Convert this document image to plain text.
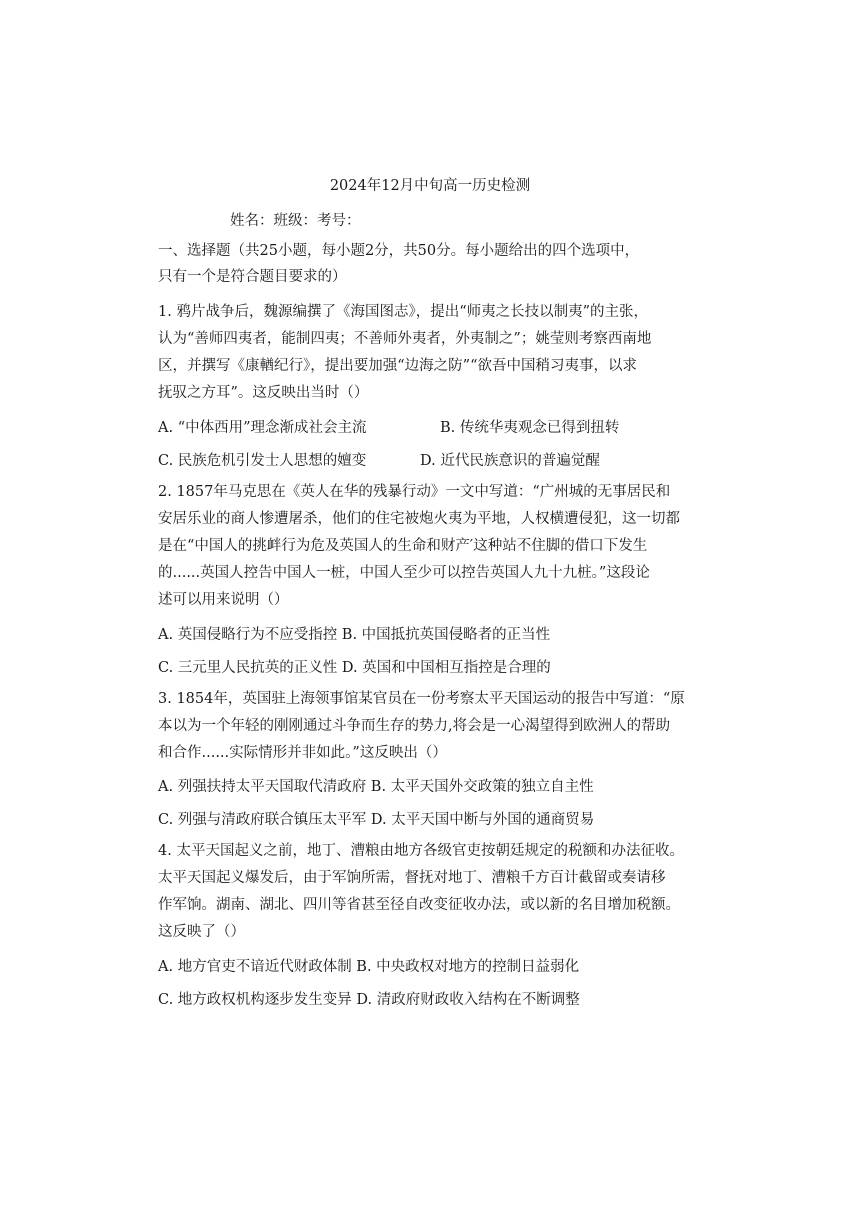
2024年12月中旬高一历史检测
姓名：班级：考号：
一、选择题（共25小题，每小题2分，共50分。每小题给出的四个选项中，
只有一个是符合题目要求的）
1. 鸦片战争后，魏源编撰了《海国图志》，提出“师夷之长技以制夷”的主张，
认为“善师四夷者，能制四夷；不善师外夷者，外夷制之”；姚莹则考察西南地
区，并撰写《康輶纪行》，提出要加强“边海之防”“欲吾中国稍习夷事，以求
抚驭之方耳”。这反映出当时（）
A. “中体西用”理念渐成社会主流	B. 传统华夷观念已得到扭转
C. 民族危机引发士人思想的嬗变	D. 近代民族意识的普遍觉醒
2. 1857年马克思在《英人在华的残暴行动》一文中写道：“广州城的无事居民和
安居乐业的商人惨遭屠杀，他们的住宅被炮火夷为平地，人权横遭侵犯，这一切都
是在“中国人的挑衅行为危及英国人的生命和财产′这种站不住脚的借口下发生
的......英国人控告中国人一桩，中国人至少可以控告英国人九十九桩。”这段论
述可以用来说明（）
A. 英国侵略行为不应受指控 B. 中国抵抗英国侵略者的正当性
C. 三元里人民抗英的正义性 D. 英国和中国相互指控是合理的
3. 1854年，英国驻上海领事馆某官员在一份考察太平天国运动的报告中写道：“原
本以为一个年轻的刚刚通过斗争而生存的势力,将会是一心渴望得到欧洲人的帮助
和合作......实际情形并非如此。”这反映出（）
A. 列强扶持太平天国取代清政府 B. 太平天国外交政策的独立自主性
C. 列强与清政府联合镇压太平军 D. 太平天国中断与外国的通商贸易
4. 太平天国起义之前，地丁、漕粮由地方各级官吏按朝廷规定的税额和办法征收。
太平天国起义爆发后，由于军饷所需，督抚对地丁、漕粮千方百计截留或奏请移
作军饷。湖南、湖北、四川等省甚至径自改变征收办法，或以新的名目增加税额。
这反映了（）
A. 地方官吏不谙近代财政体制 B. 中央政权对地方的控制日益弱化
C. 地方政权机构逐步发生变异 D. 清政府财政收入结构在不断调整
